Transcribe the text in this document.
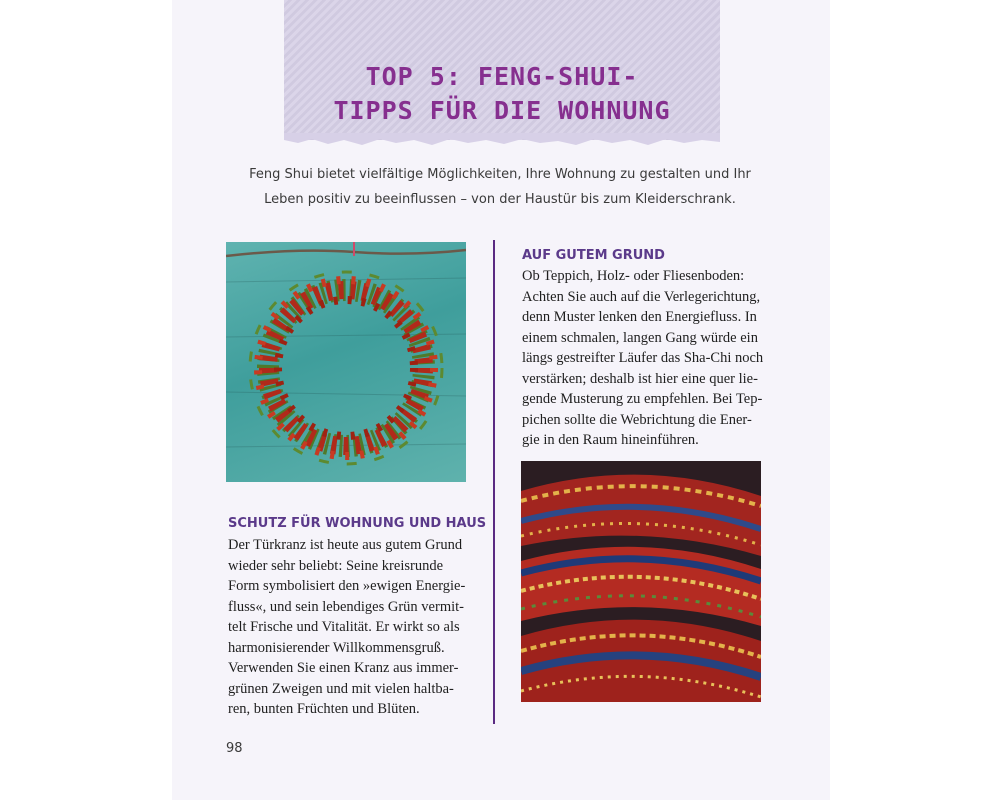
TOP 5: FENG-SHUI-
TIPPS FÜR DIE WOHNUNG

Feng Shui bietet vielfältige Möglichkeiten, Ihre Wohnung zu gestalten und Ihr
Leben positiv zu beeinflussen – von der Haustür bis zum Kleiderschrank.

AUF GUTEM GRUND

Ob Teppich, Holz- oder Fliesenboden:
Achten Sie auch auf die Verlegerichtung,
denn Muster lenken den Energiefluss. In
einem schmalen, langen Gang würde ein
längs gestreifter Läufer das Sha-Chi noch
verstärken; deshalb ist hier eine quer lie-
gende Musterung zu empfehlen. Bei Tep-
pichen sollte die Webrichtung die Ener-
gie in den Raum hineinführen.

SCHUTZ FÜR WOHNUNG UND HAUS

Der Türkranz ist heute aus gutem Grund
wieder sehr beliebt: Seine kreisrunde
Form symbolisiert den »ewigen Energie-
fluss«, und sein lebendiges Grün vermit-
telt Frische und Vitalität. Er wirkt so als
harmonisierender Willkommensgruß.
Verwenden Sie einen Kranz aus immer-
grünen Zweigen und mit vielen haltba-
ren, bunten Früchten und Blüten.

98
